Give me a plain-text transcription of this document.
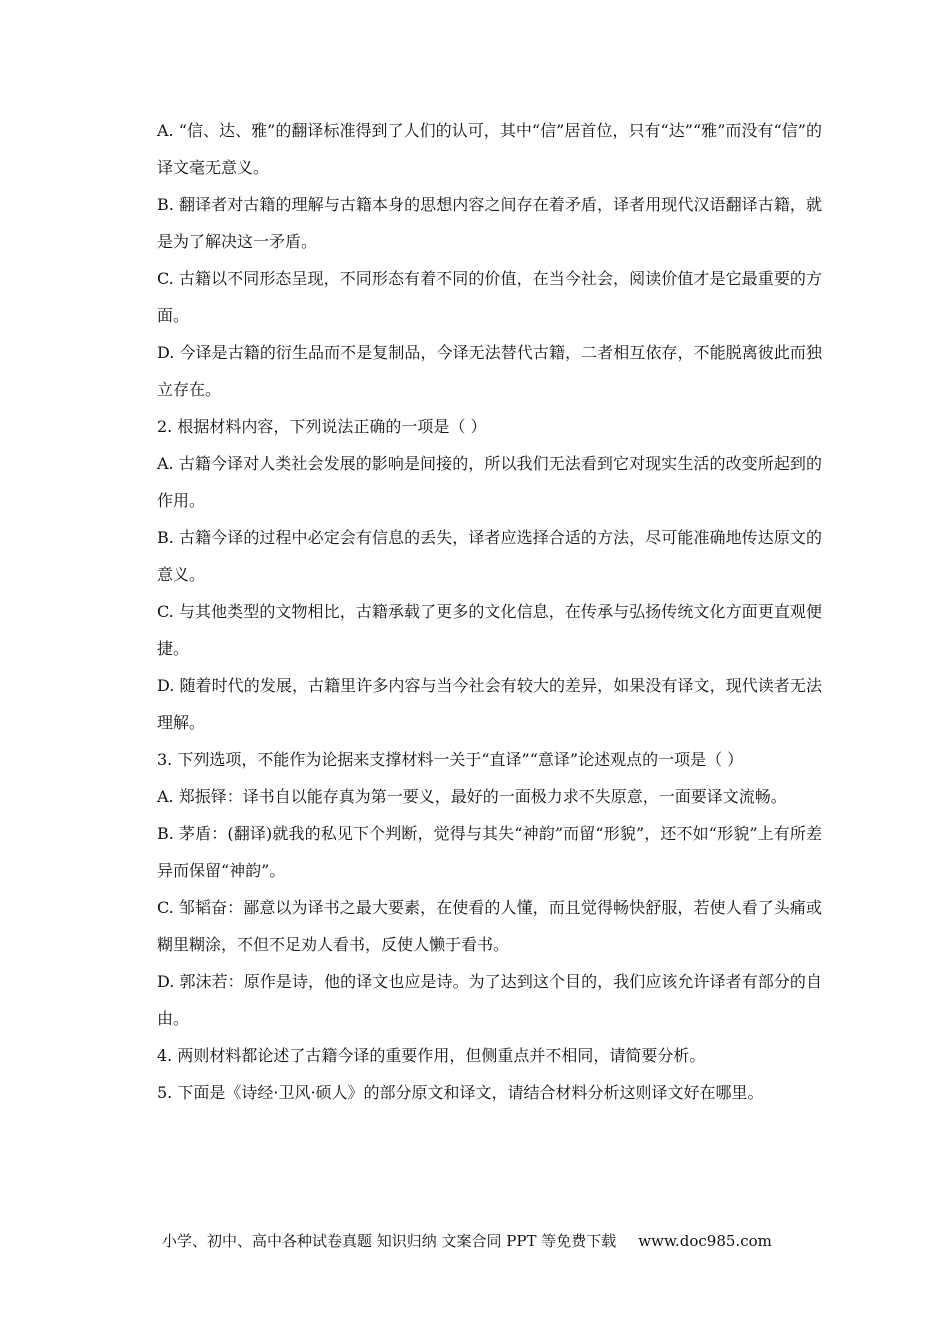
A. “信、达、雅”的翻译标准得到了人们的认可，其中“信”居首位，只有“达”“雅”而没有“信”的译文毫无意义。

B. 翻译者对古籍的理解与古籍本身的思想内容之间存在着矛盾，译者用现代汉语翻译古籍，就是为了解决这一矛盾。

C. 古籍以不同形态呈现，不同形态有着不同的价值，在当今社会，阅读价值才是它最重要的方面。

D. 今译是古籍的衍生品而不是复制品，今译无法替代古籍，二者相互依存，不能脱离彼此而独立存在。

2. 根据材料内容，下列说法正确的一项是（ ）

A. 古籍今译对人类社会发展的影响是间接的，所以我们无法看到它对现实生活的改变所起到的作用。

B. 古籍今译的过程中必定会有信息的丢失，译者应选择合适的方法，尽可能准确地传达原文的意义。

C. 与其他类型的文物相比，古籍承载了更多的文化信息，在传承与弘扬传统文化方面更直观便捷。

D. 随着时代的发展，古籍里许多内容与当今社会有较大的差异，如果没有译文，现代读者无法理解。

3. 下列选项，不能作为论据来支撑材料一关于“直译”“意译”论述观点的一项是（ ）

A. 郑振铎：译书自以能存真为第一要义，最好的一面极力求不失原意，一面要译文流畅。

B. 茅盾：(翻译)就我的私见下个判断，觉得与其失“神韵”而留“形貌”，还不如“形貌”上有所差异而保留“神韵”。

C. 邹韬奋：鄙意以为译书之最大要素，在使看的人懂，而且觉得畅快舒服，若使人看了头痛或糊里糊涂，不但不足劝人看书，反使人懒于看书。

D. 郭沫若：原作是诗，他的译文也应是诗。为了达到这个目的，我们应该允许译者有部分的自由。

4. 两则材料都论述了古籍今译的重要作用，但侧重点并不相同，请简要分析。

5. 下面是《诗经·卫风·硕人》的部分原文和译文，请结合材料分析这则译文好在哪里。

小学、初中、高中各种试卷真题 知识归纳 文案合同 PPT 等免费下载 www.doc985.com
